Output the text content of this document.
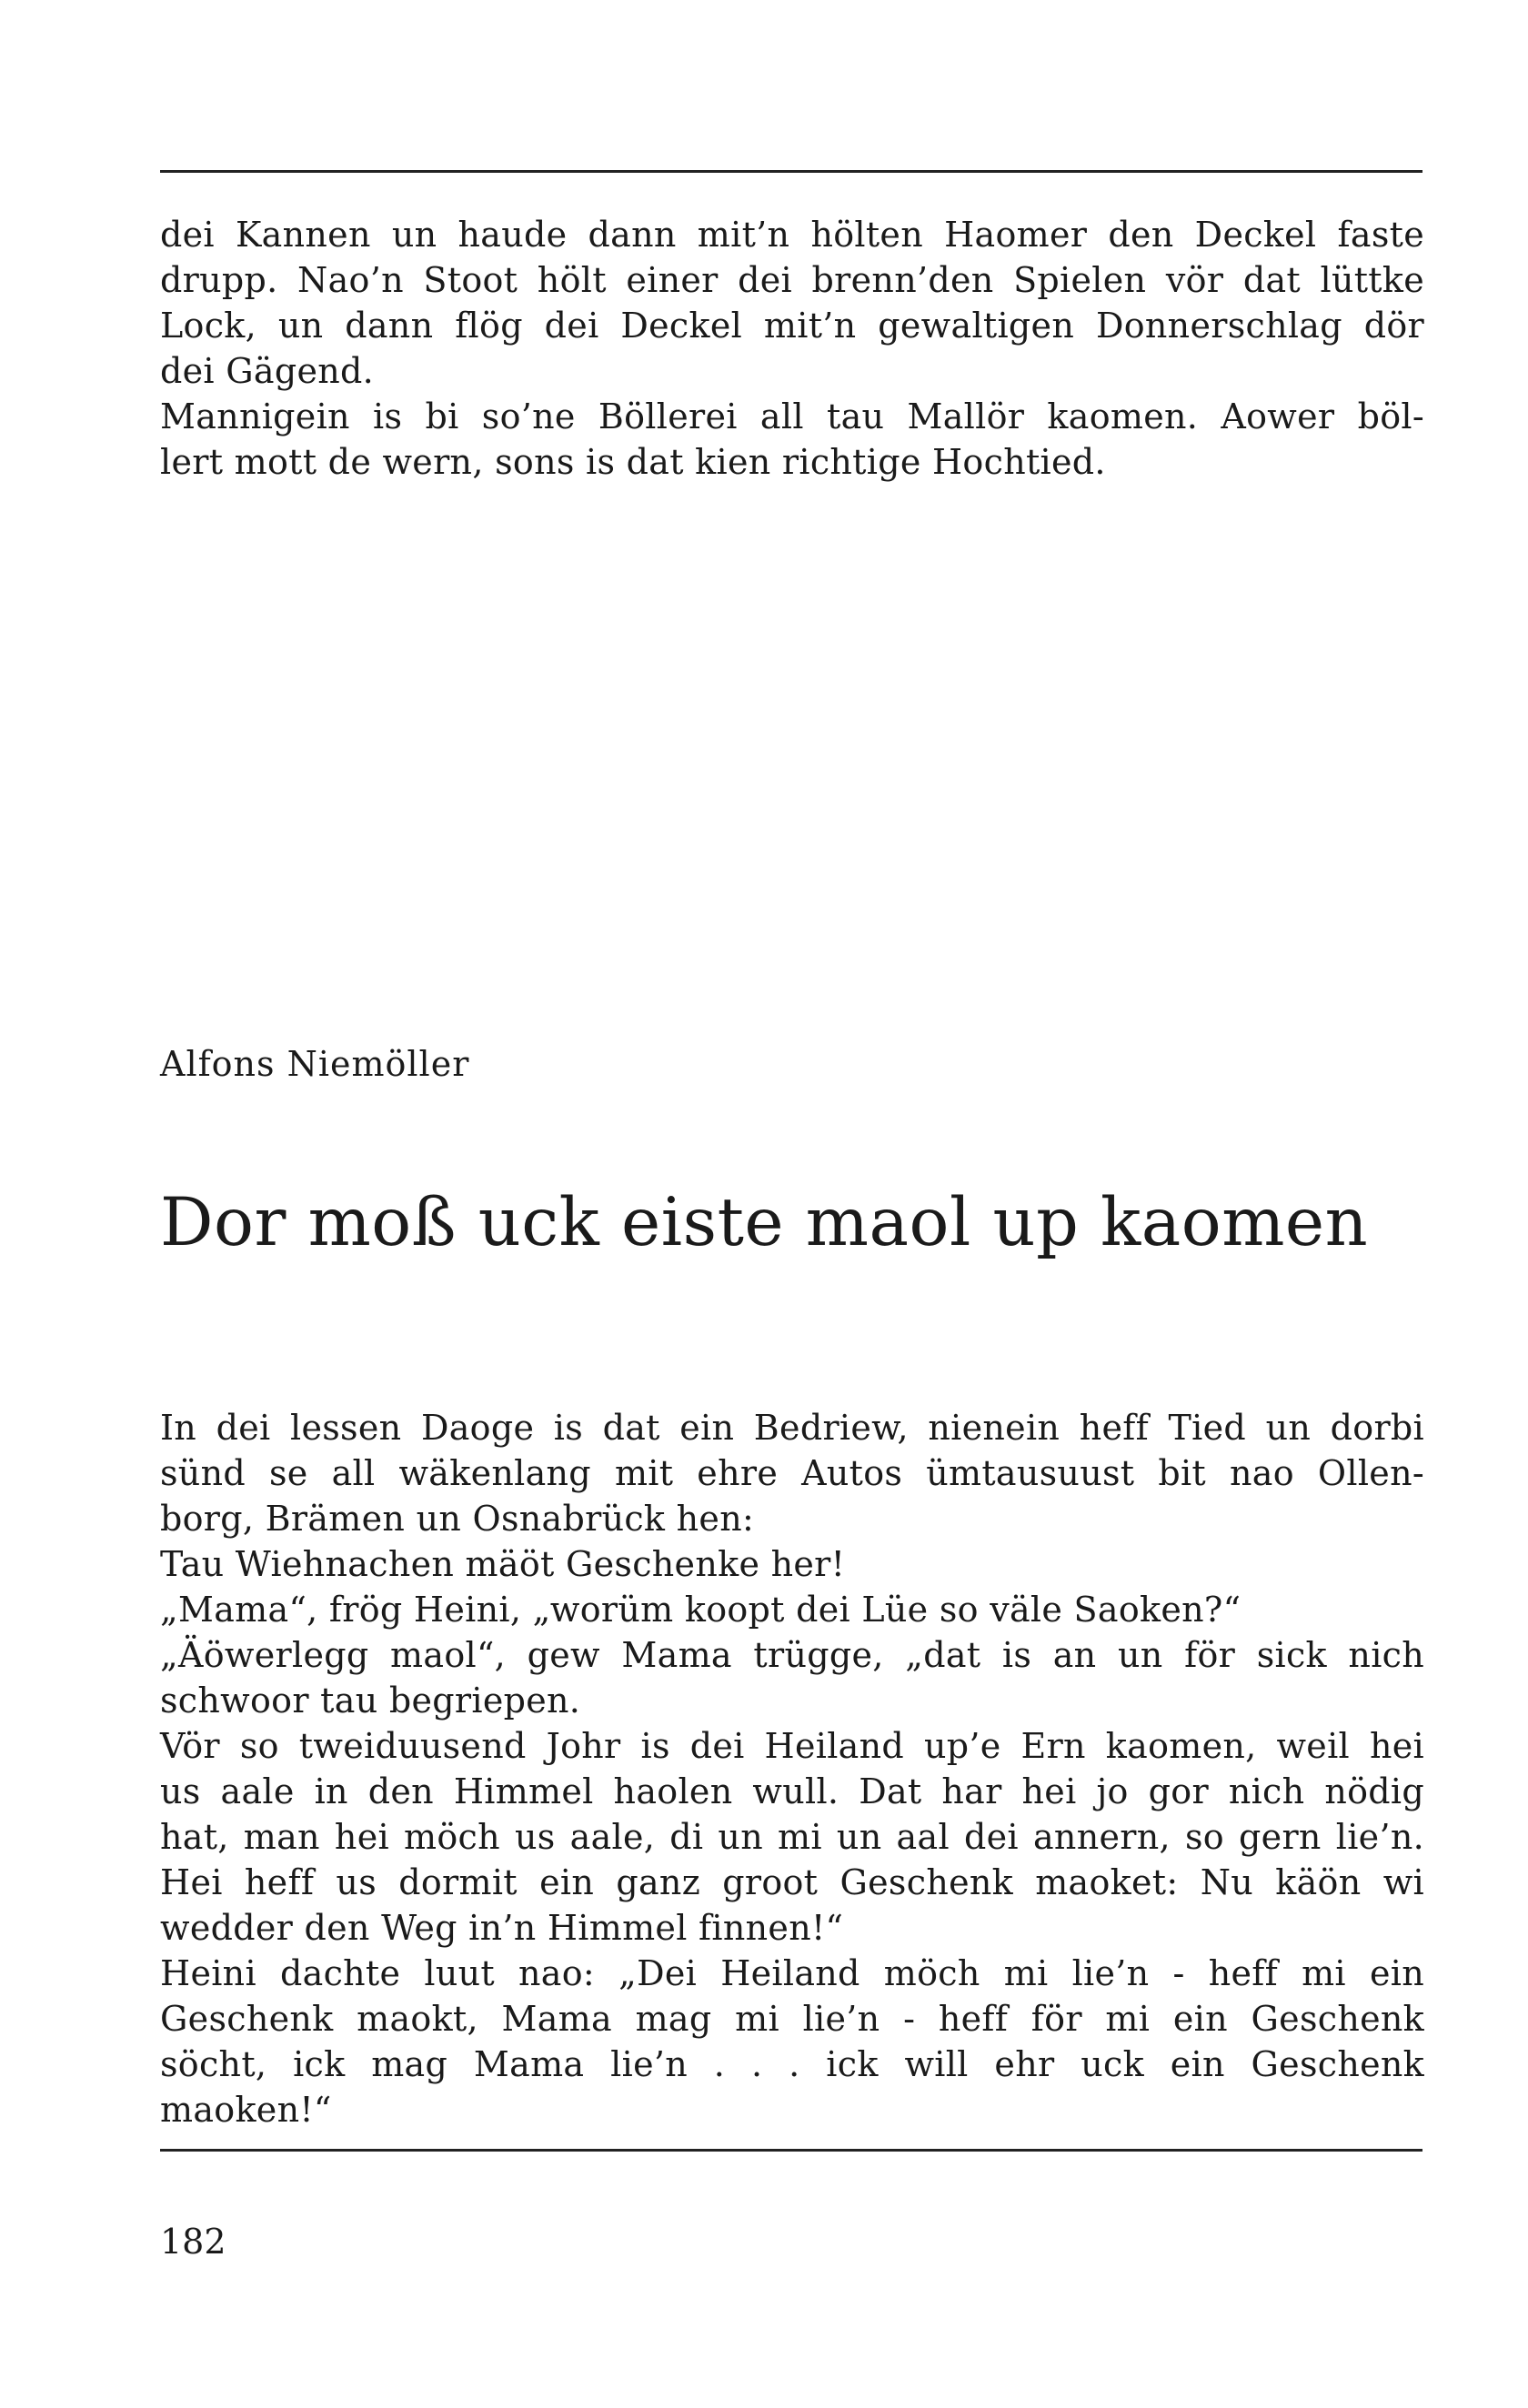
dei Kannen un haude dann mit’n hölten Haomer den Deckel faste
drupp. Nao’n Stoot hölt einer dei brenn’den Spielen vör dat lüttke
Lock, un dann flög dei Deckel mit’n gewaltigen Donnerschlag dör
dei Gägend.

Mannigein is bi so’ne Böllerei all tau Mallör kaomen. Aower böl-
lert mott de wern, sons is dat kien richtige Hochtied.

Alfons Niemöller
Dor moß uck eiste maol up kaomen

In dei lessen Daoge is dat ein Bedriew, nienein heff Tied un dorbi
sünd se all wäkenlang mit ehre Autos ümtausuust bit nao Ollen-
borg, Brämen un Osnabrück hen:

Tau Wiehnachen mäöt Geschenke her!

„Mama“, frög Heini, „worüm koopt dei Lüe so väle Saoken?“

„Äöwerlegg maol“, gew Mama trügge, „dat is an un för sick nich
schwoor tau begriepen.

Vör so tweiduusend Johr is dei Heiland up’e Ern kaomen, weil hei
us aale in den Himmel haolen wull. Dat har hei jo gor nich nödig
hat, man hei möch us aale, di un mi un aal dei annern, so gern lie’n.
Hei heff us dormit ein ganz groot Geschenk maoket: Nu käön wi
wedder den Weg in’n Himmel finnen!“

Heini dachte luut nao: „Dei Heiland möch mi lie’n - heff mi ein
Geschenk maokt, Mama mag mi lie’n - heff för mi ein Geschenk
söcht, ick mag Mama lie’n . . . ick will ehr uck ein Geschenk
maoken!“

182
